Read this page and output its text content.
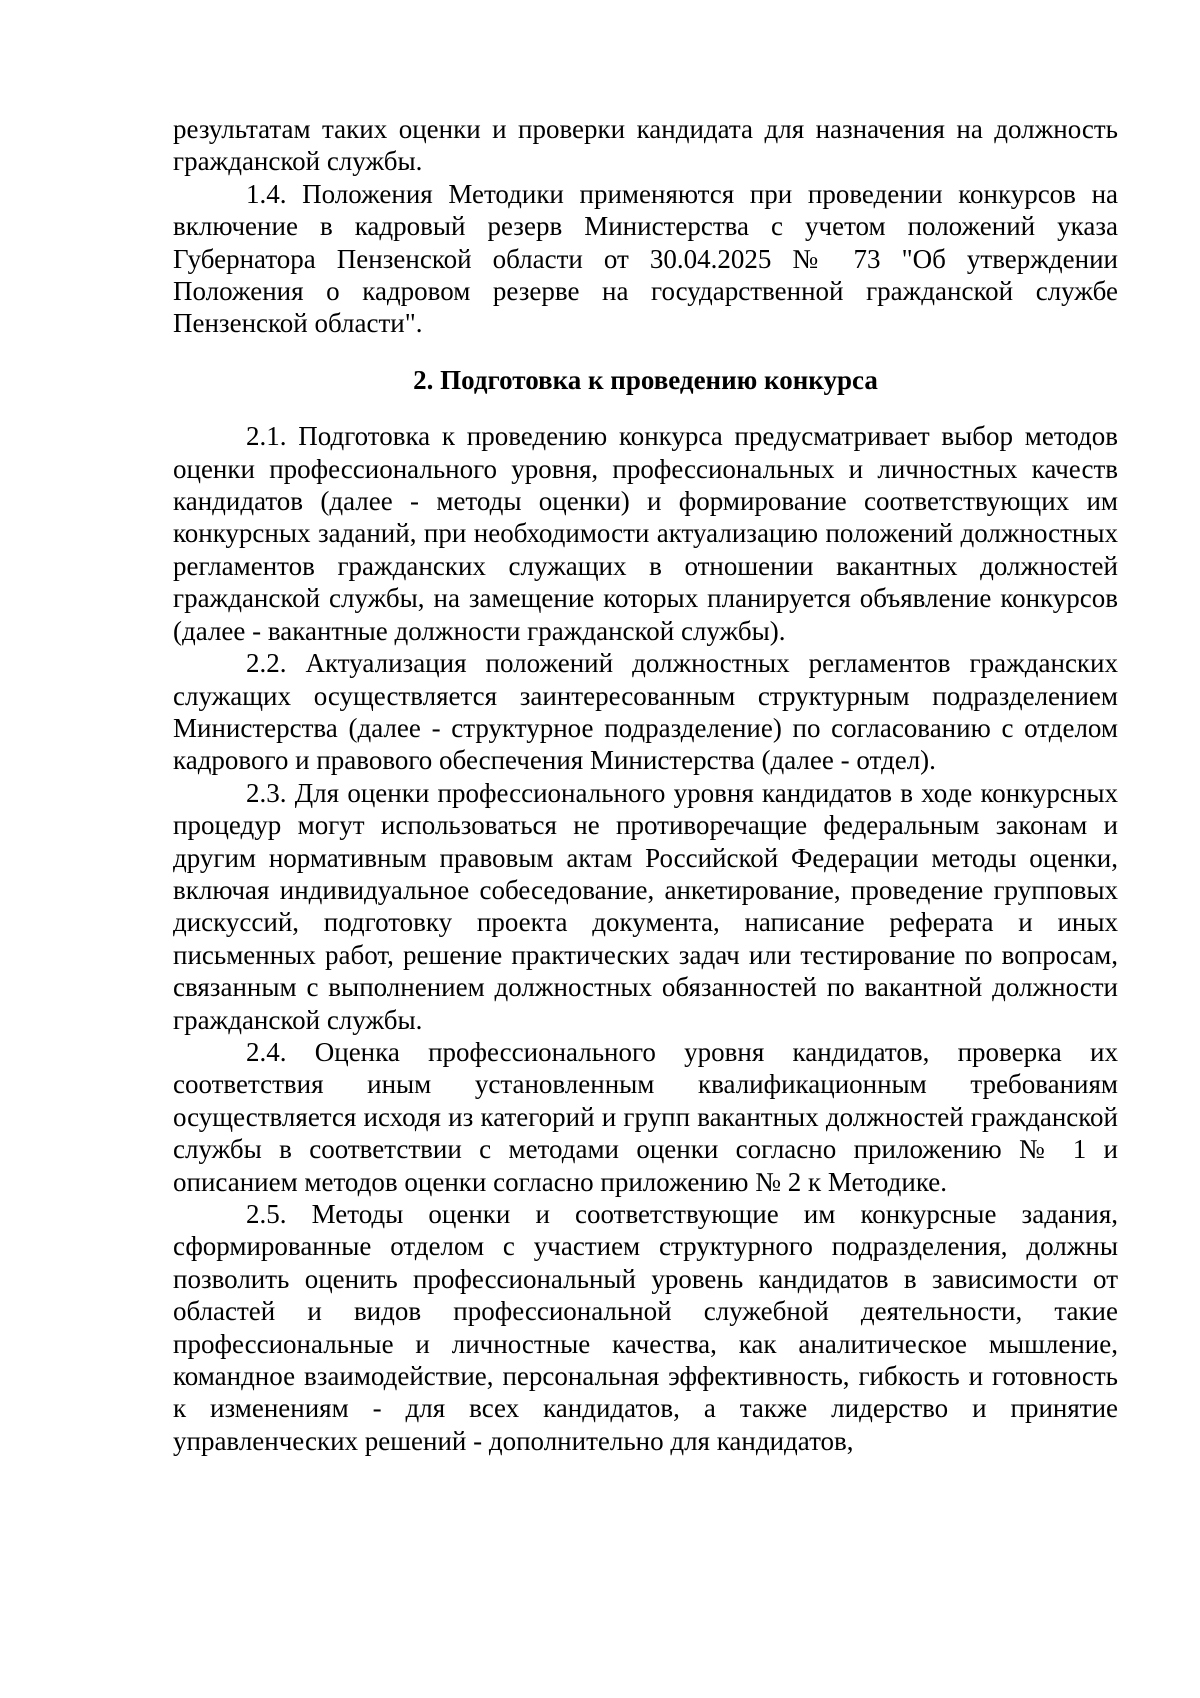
результатам таких оценки и проверки кандидата для назначения на должность гражданской службы.

1.4. Положения Методики применяются при проведении конкурсов на включение в кадровый резерв Министерства с учетом положений указа Губернатора Пензенской области от 30.04.2025 № 73 "Об утверждении Положения о кадровом резерве на государственной гражданской службе Пензенской области".

2. Подготовка к проведению конкурса

2.1. Подготовка к проведению конкурса предусматривает выбор методов оценки профессионального уровня, профессиональных и личностных качеств кандидатов (далее - методы оценки) и формирование соответствующих им конкурсных заданий, при необходимости актуализацию положений должностных регламентов гражданских служащих в отношении вакантных должностей гражданской службы, на замещение которых планируется объявление конкурсов (далее - вакантные должности гражданской службы).

2.2. Актуализация положений должностных регламентов гражданских служащих осуществляется заинтересованным структурным подразделением Министерства (далее - структурное подразделение) по согласованию с отделом кадрового и правового обеспечения Министерства (далее - отдел).

2.3. Для оценки профессионального уровня кандидатов в ходе конкурсных процедур могут использоваться не противоречащие федеральным законам и другим нормативным правовым актам Российской Федерации методы оценки, включая индивидуальное собеседование, анкетирование, проведение групповых дискуссий, подготовку проекта документа, написание реферата и иных письменных работ, решение практических задач или тестирование по вопросам, связанным с выполнением должностных обязанностей по вакантной должности гражданской службы.

2.4. Оценка профессионального уровня кандидатов, проверка их соответствия иным установленным квалификационным требованиям осуществляется исходя из категорий и групп вакантных должностей гражданской службы в соответствии с методами оценки согласно приложению № 1 и описанием методов оценки согласно приложению № 2 к Методике.

2.5. Методы оценки и соответствующие им конкурсные задания, сформированные отделом с участием структурного подразделения, должны позволить оценить профессиональный уровень кандидатов в зависимости от областей и видов профессиональной служебной деятельности, такие профессиональные и личностные качества, как аналитическое мышление, командное взаимодействие, персональная эффективность, гибкость и готовность к изменениям - для всех кандидатов, а также лидерство и принятие управленческих решений - дополнительно для кандидатов,
